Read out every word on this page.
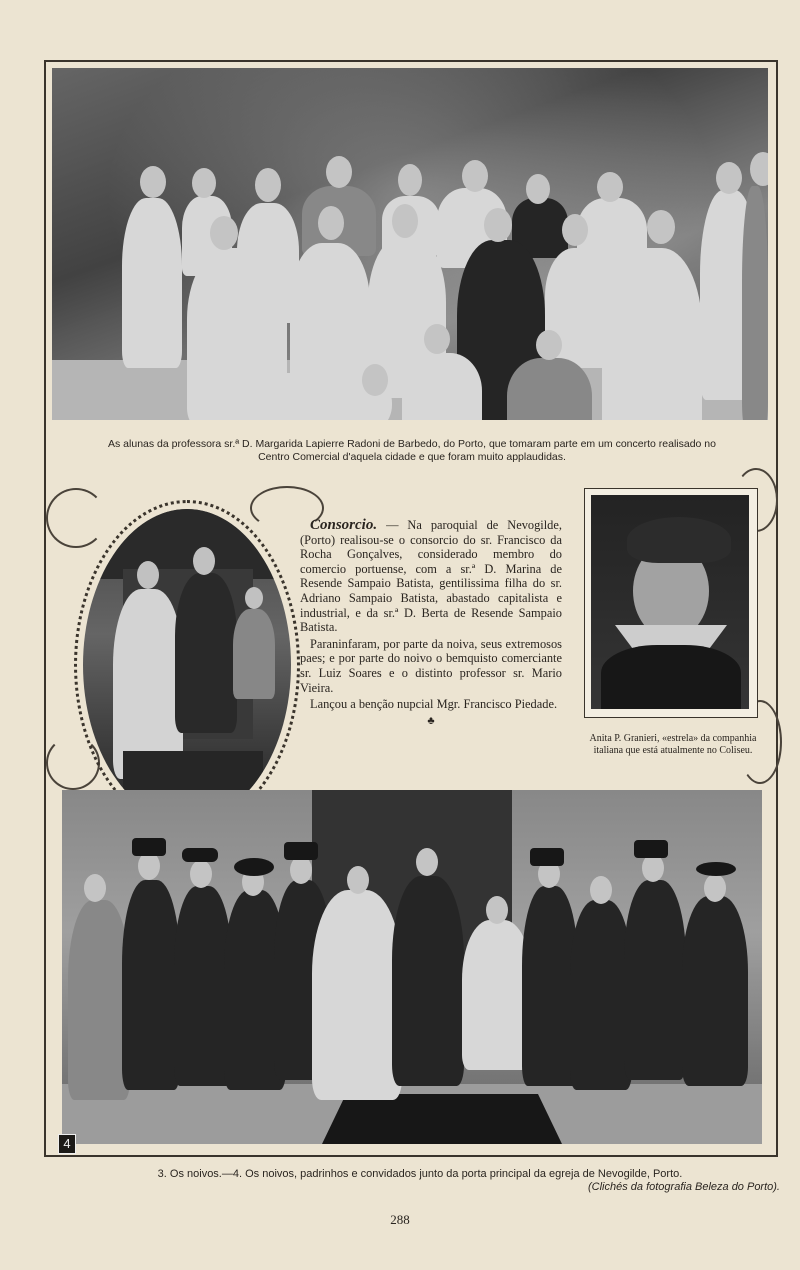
As alunas da professora sr.ª D. Margarida Lapierre Radoni de Barbedo, do Porto, que tomaram parte em um concerto realisado no Centro Comercial d'aquela cidade e que foram muito applaudidas.

Consorcio. — Na paroquial de Nevogilde, (Porto) realisou-se o consorcio do sr. Francisco da Rocha Gonçalves, considerado membro do comercio portuense, com a sr.ª D. Marina de Resende Sampaio Batista, gentilissima filha do sr. Adriano Sampaio Batista, abastado capitalista e industrial, e da sr.ª D. Berta de Resende Sampaio Batista.

Paraninfaram, por parte da noiva, seus extremosos paes; e por parte do noivo o bemquisto comerciante sr. Luiz Soares e o distinto professor sr. Mario Vieira.

Lançou a benção nupcial Mgr. Francisco Piedade.

♣
Anita P. Granieri, «estrela» da companhia italiana que está atualmente no Coliseu.
4
3. Os noivos.—4. Os noivos, padrinhos e convidados junto da porta principal da egreja de Nevogilde, Porto.
(Clichés da fotografia Beleza do Porto).
288
